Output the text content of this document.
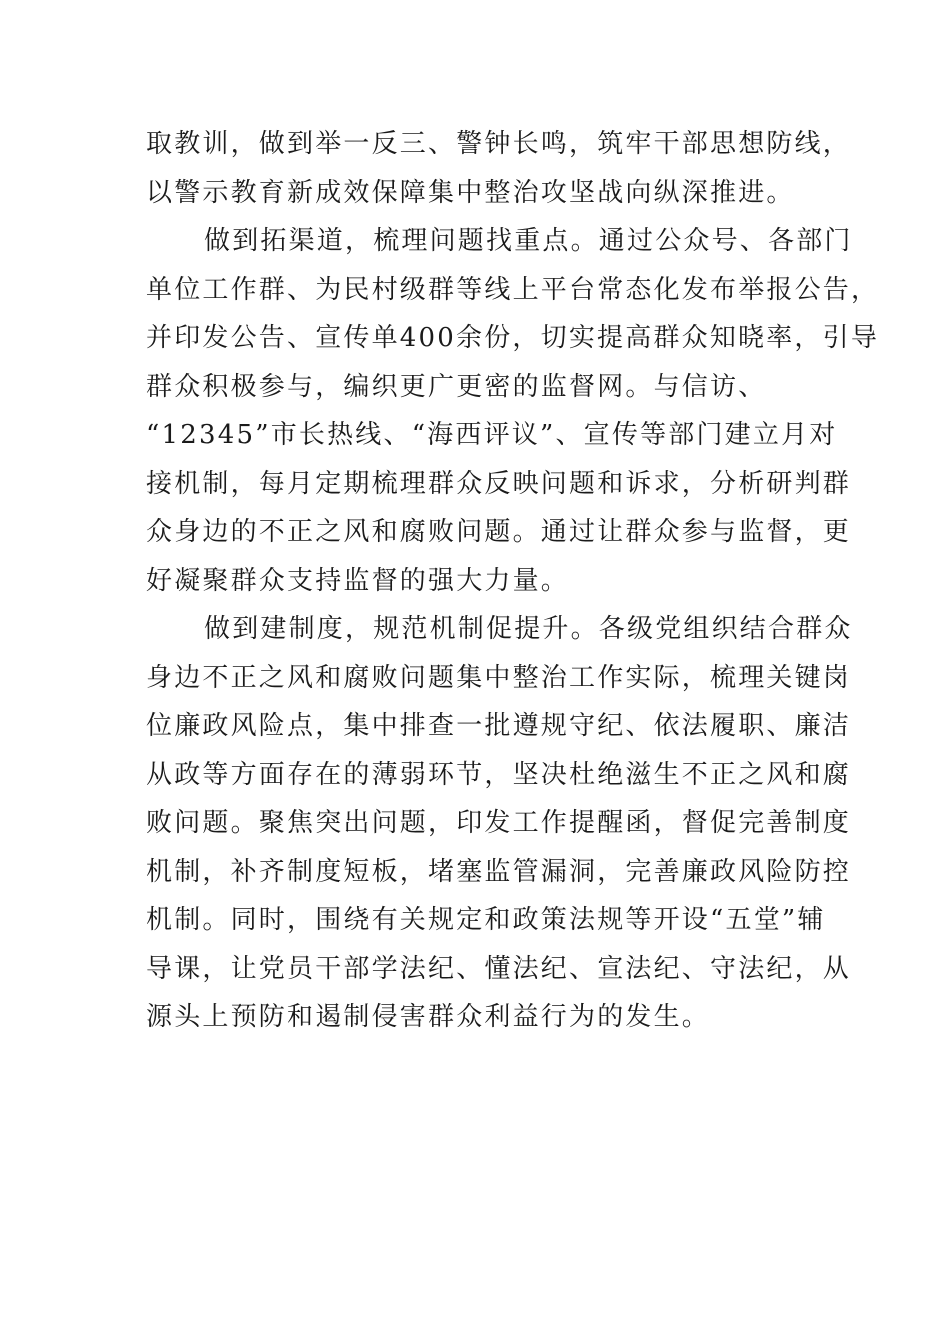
取教训，做到举一反三、警钟长鸣，筑牢干部思想防线，
以警示教育新成效保障集中整治攻坚战向纵深推进。
做到拓渠道，梳理问题找重点。通过公众号、各部门
单位工作群、为民村级群等线上平台常态化发布举报公告，
并印发公告、宣传单400余份，切实提高群众知晓率，引导
群众积极参与，编织更广更密的监督网。与信访、
“12345”市长热线、“海西评议”、宣传等部门建立月对
接机制，每月定期梳理群众反映问题和诉求，分析研判群
众身边的不正之风和腐败问题。通过让群众参与监督，更
好凝聚群众支持监督的强大力量。
做到建制度，规范机制促提升。各级党组织结合群众
身边不正之风和腐败问题集中整治工作实际，梳理关键岗
位廉政风险点，集中排查一批遵规守纪、依法履职、廉洁
从政等方面存在的薄弱环节，坚决杜绝滋生不正之风和腐
败问题。聚焦突出问题，印发工作提醒函，督促完善制度
机制，补齐制度短板，堵塞监管漏洞，完善廉政风险防控
机制。同时，围绕有关规定和政策法规等开设“五堂”辅
导课，让党员干部学法纪、懂法纪、宣法纪、守法纪，从
源头上预防和遏制侵害群众利益行为的发生。
